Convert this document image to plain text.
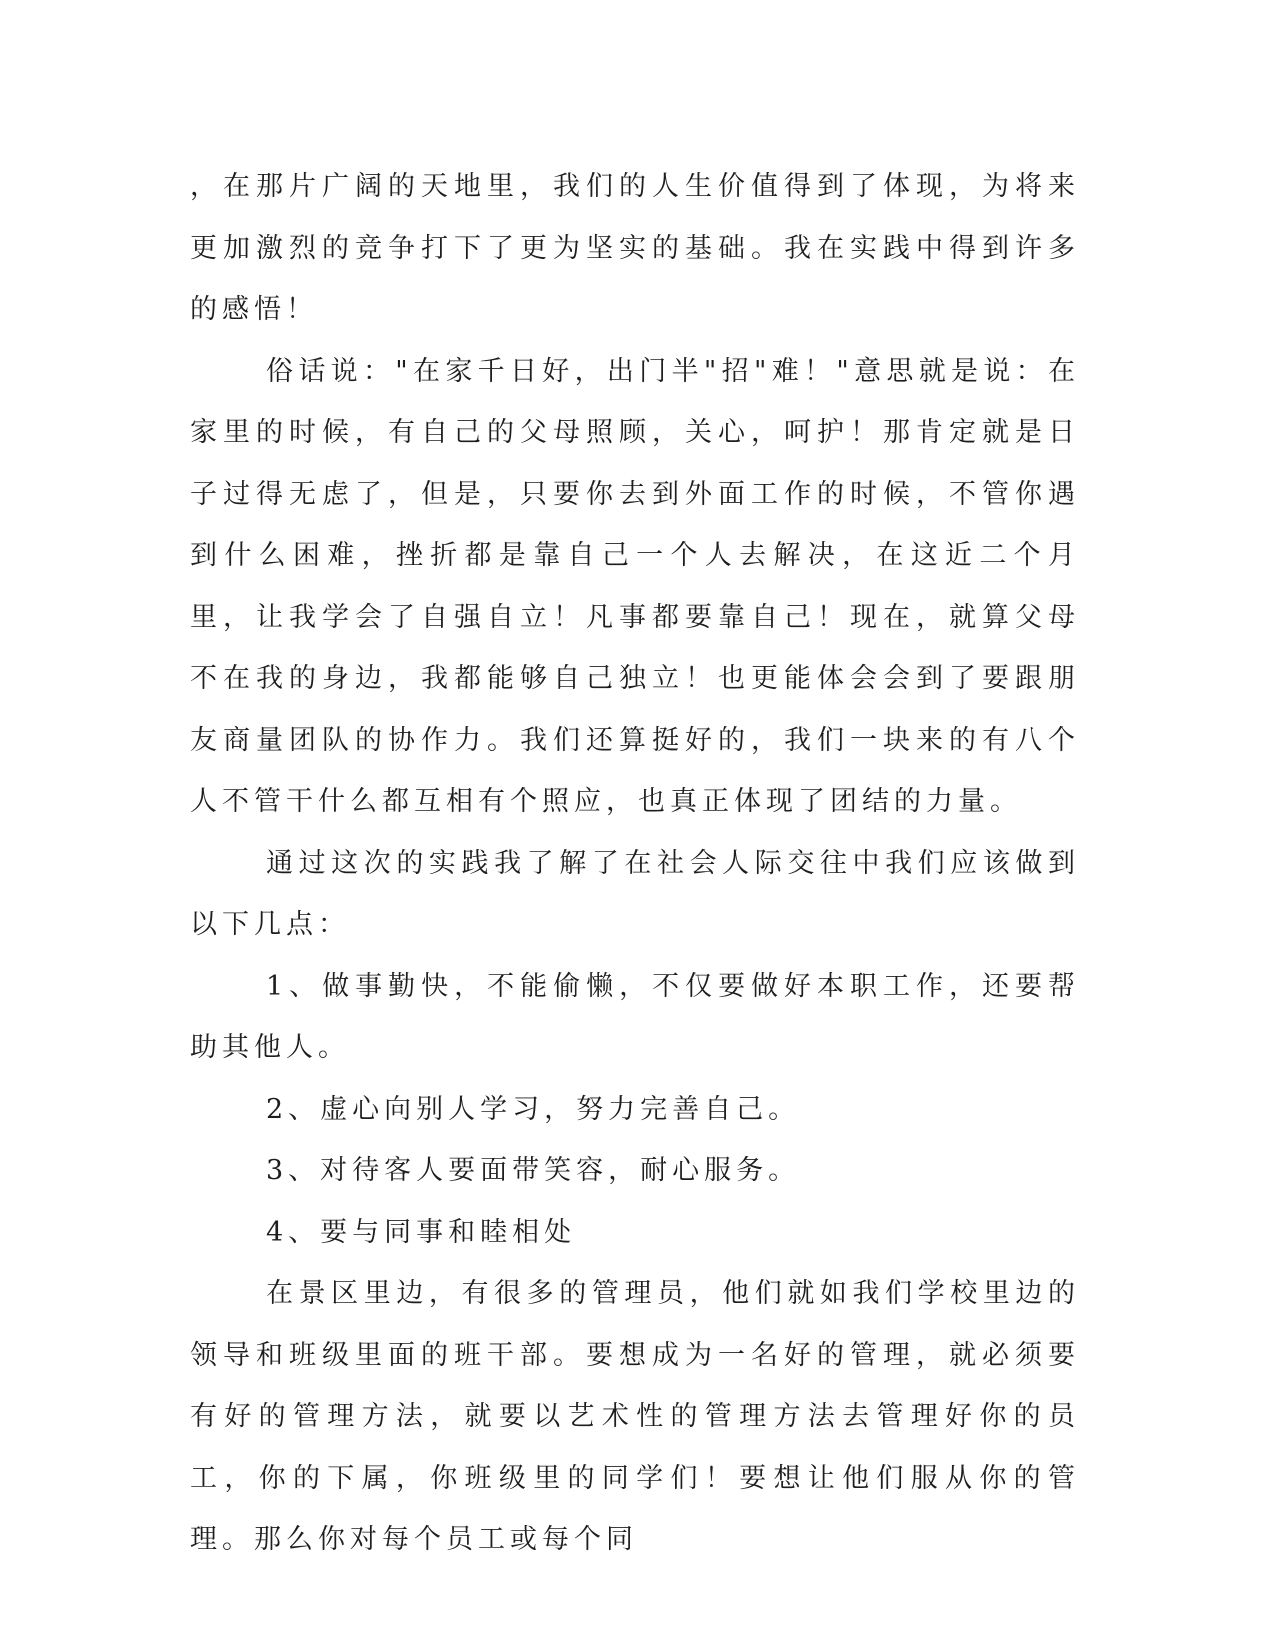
，在那片广阔的天地里，我们的人生价值得到了体现，为将来更加激烈的竞争打下了更为坚实的基础。我在实践中得到许多的感悟！

俗话说："在家千日好，出门半"招"难！"意思就是说：在家里的时候，有自己的父母照顾，关心，呵护！那肯定就是日子过得无虑了，但是，只要你去到外面工作的时候，不管你遇到什么困难，挫折都是靠自己一个人去解决，在这近二个月里，让我学会了自强自立！凡事都要靠自己！现在，就算父母不在我的身边，我都能够自己独立！也更能体会会到了要跟朋友商量团队的协作力。我们还算挺好的，我们一块来的有八个人不管干什么都互相有个照应，也真正体现了团结的力量。

通过这次的实践我了解了在社会人际交往中我们应该做到以下几点：

1、做事勤快，不能偷懒，不仅要做好本职工作，还要帮助其他人。

2、虚心向别人学习，努力完善自己。

3、对待客人要面带笑容，耐心服务。

4、要与同事和睦相处

在景区里边，有很多的管理员，他们就如我们学校里边的领导和班级里面的班干部。要想成为一名好的管理，就必须要有好的管理方法，就要以艺术性的管理方法去管理好你的员工，你的下属，你班级里的同学们！要想让他们服从你的管理。那么你对每个员工或每个同
